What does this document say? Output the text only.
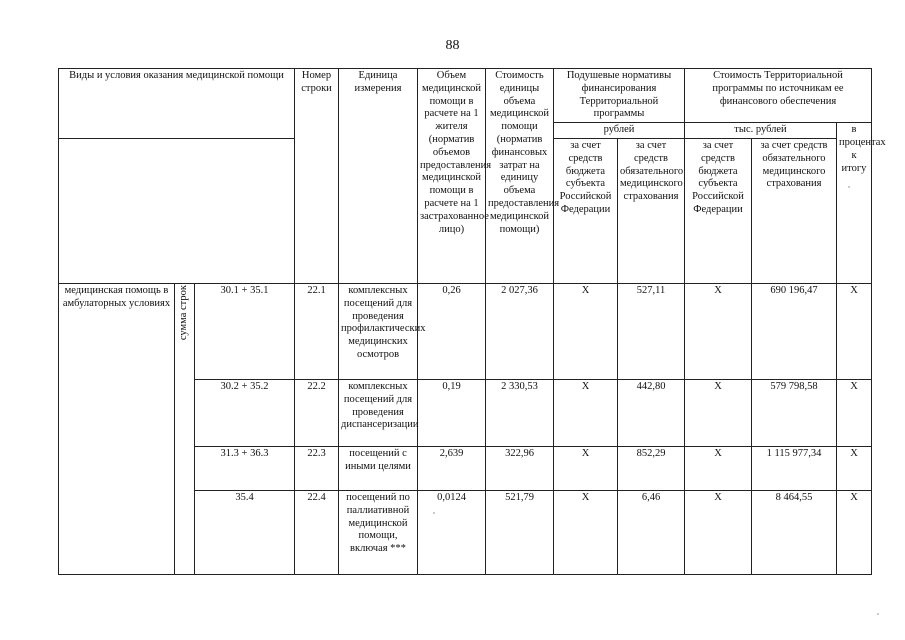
88
Виды и условия оказания медицинской помощи			Номер строки	Единица измерения	Объем медицинской помощи в расчете на 1 жителя (норматив объемов предоставления медицинской помощи в расчете на 1 застрахованное лицо)	Стоимость единицы объема медицинской помощи (норматив финансовых затрат на единицу объема предоставления медицинской помощи)	Подушевые нормативы финансирования Территориальной программы		Стоимость Территориальной программы по источникам ее финансового обеспечения		
							рублей		тыс. рублей		в процентах к итогу
							за счет средств бюджета субъекта Российской Федерации	за счет средств обязательного медицинского страхования	за счет средств бюджета субъекта Российской Федерации	за счет средств обязательного медицинского страхования	
медицинская помощь в амбулаторных условиях	сумма строк	30.1 + 35.1	22.1	комплексных посещений для проведения профилактических медицинских осмотров	0,26	2 027,36	Х	527,11	Х	690 196,47	Х
		30.2 + 35.2	22.2	комплексных посещений для проведения диспансеризации	0,19	2 330,53	Х	442,80	Х	579 798,58	Х
		31.3 + 36.3	22.3	посещений с иными целями	2,639	322,96	Х	852,29	Х	1 115 977,34	Х
		35.4	22.4	посещений по паллиативной медицинской помощи, включая ***	0,0124	521,79	Х	6,46	Х	8 464,55	Х
